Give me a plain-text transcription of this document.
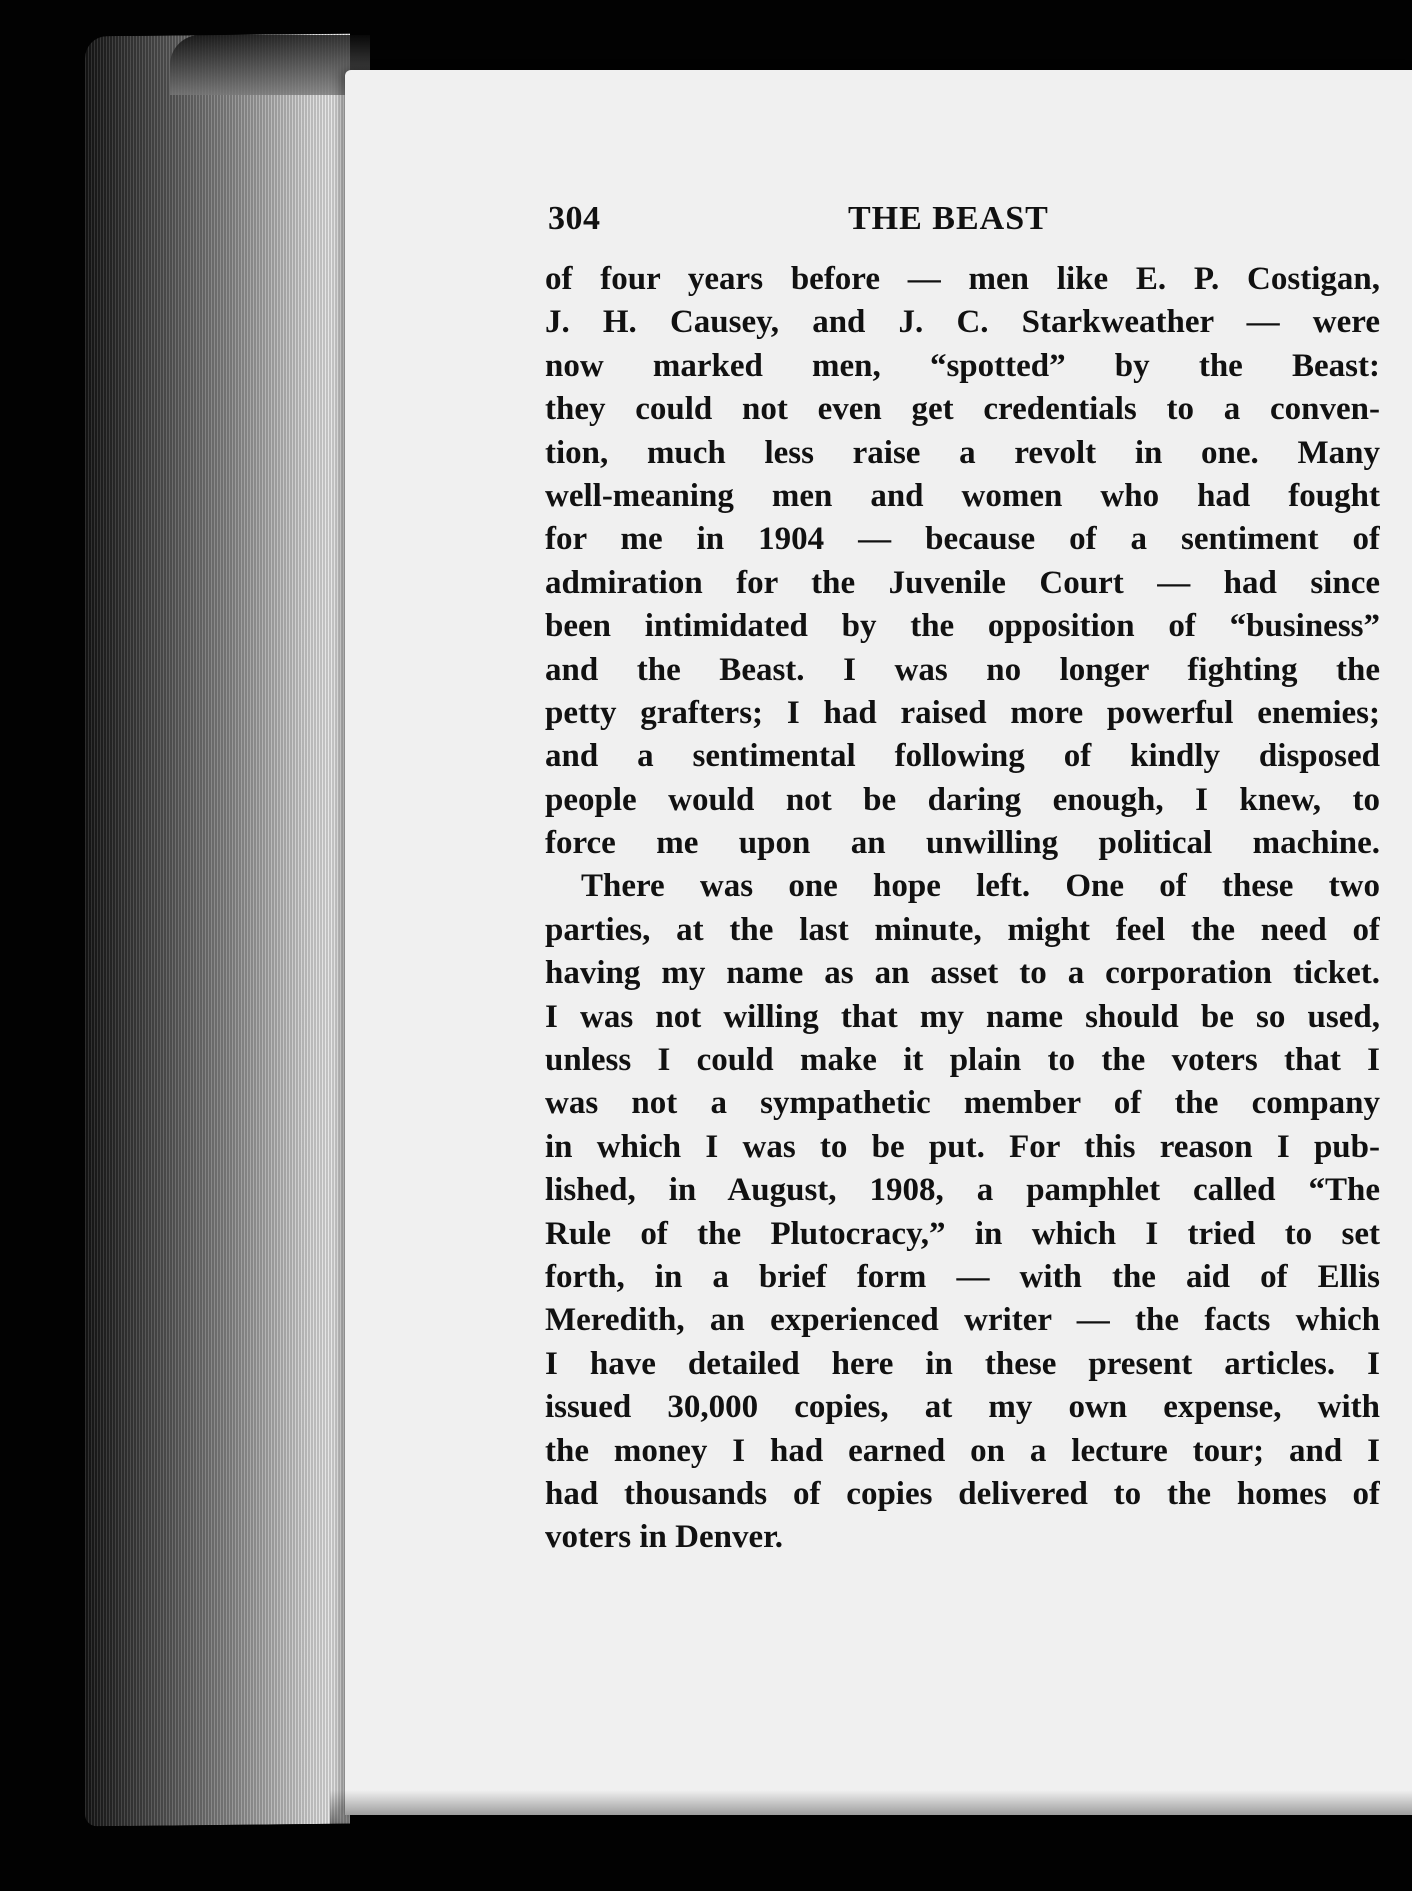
304	THE BEAST
of four years before — men like E. P. Costigan,
J. H. Causey, and J. C. Starkweather — were
now marked men, “spotted” by the Beast:
they could not even get credentials to a conven-
tion, much less raise a revolt in one. Many
well-meaning men and women who had fought
for me in 1904 — because of a sentiment of
admiration for the Juvenile Court — had since
been intimidated by the opposition of “business”
and the Beast. I was no longer fighting the
petty grafters; I had raised more powerful enemies;
and a sentimental following of kindly disposed
people would not be daring enough, I knew, to
force me upon an unwilling political machine.
There was one hope left. One of these two
parties, at the last minute, might feel the need of
having my name as an asset to a corporation ticket.
I was not willing that my name should be so used,
unless I could make it plain to the voters that I
was not a sympathetic member of the company
in which I was to be put. For this reason I pub-
lished, in August, 1908, a pamphlet called “The
Rule of the Plutocracy,” in which I tried to set
forth, in a brief form — with the aid of Ellis
Meredith, an experienced writer — the facts which
I have detailed here in these present articles. I
issued 30,000 copies, at my own expense, with
the money I had earned on a lecture tour; and I
had thousands of copies delivered to the homes of
voters in Denver.
